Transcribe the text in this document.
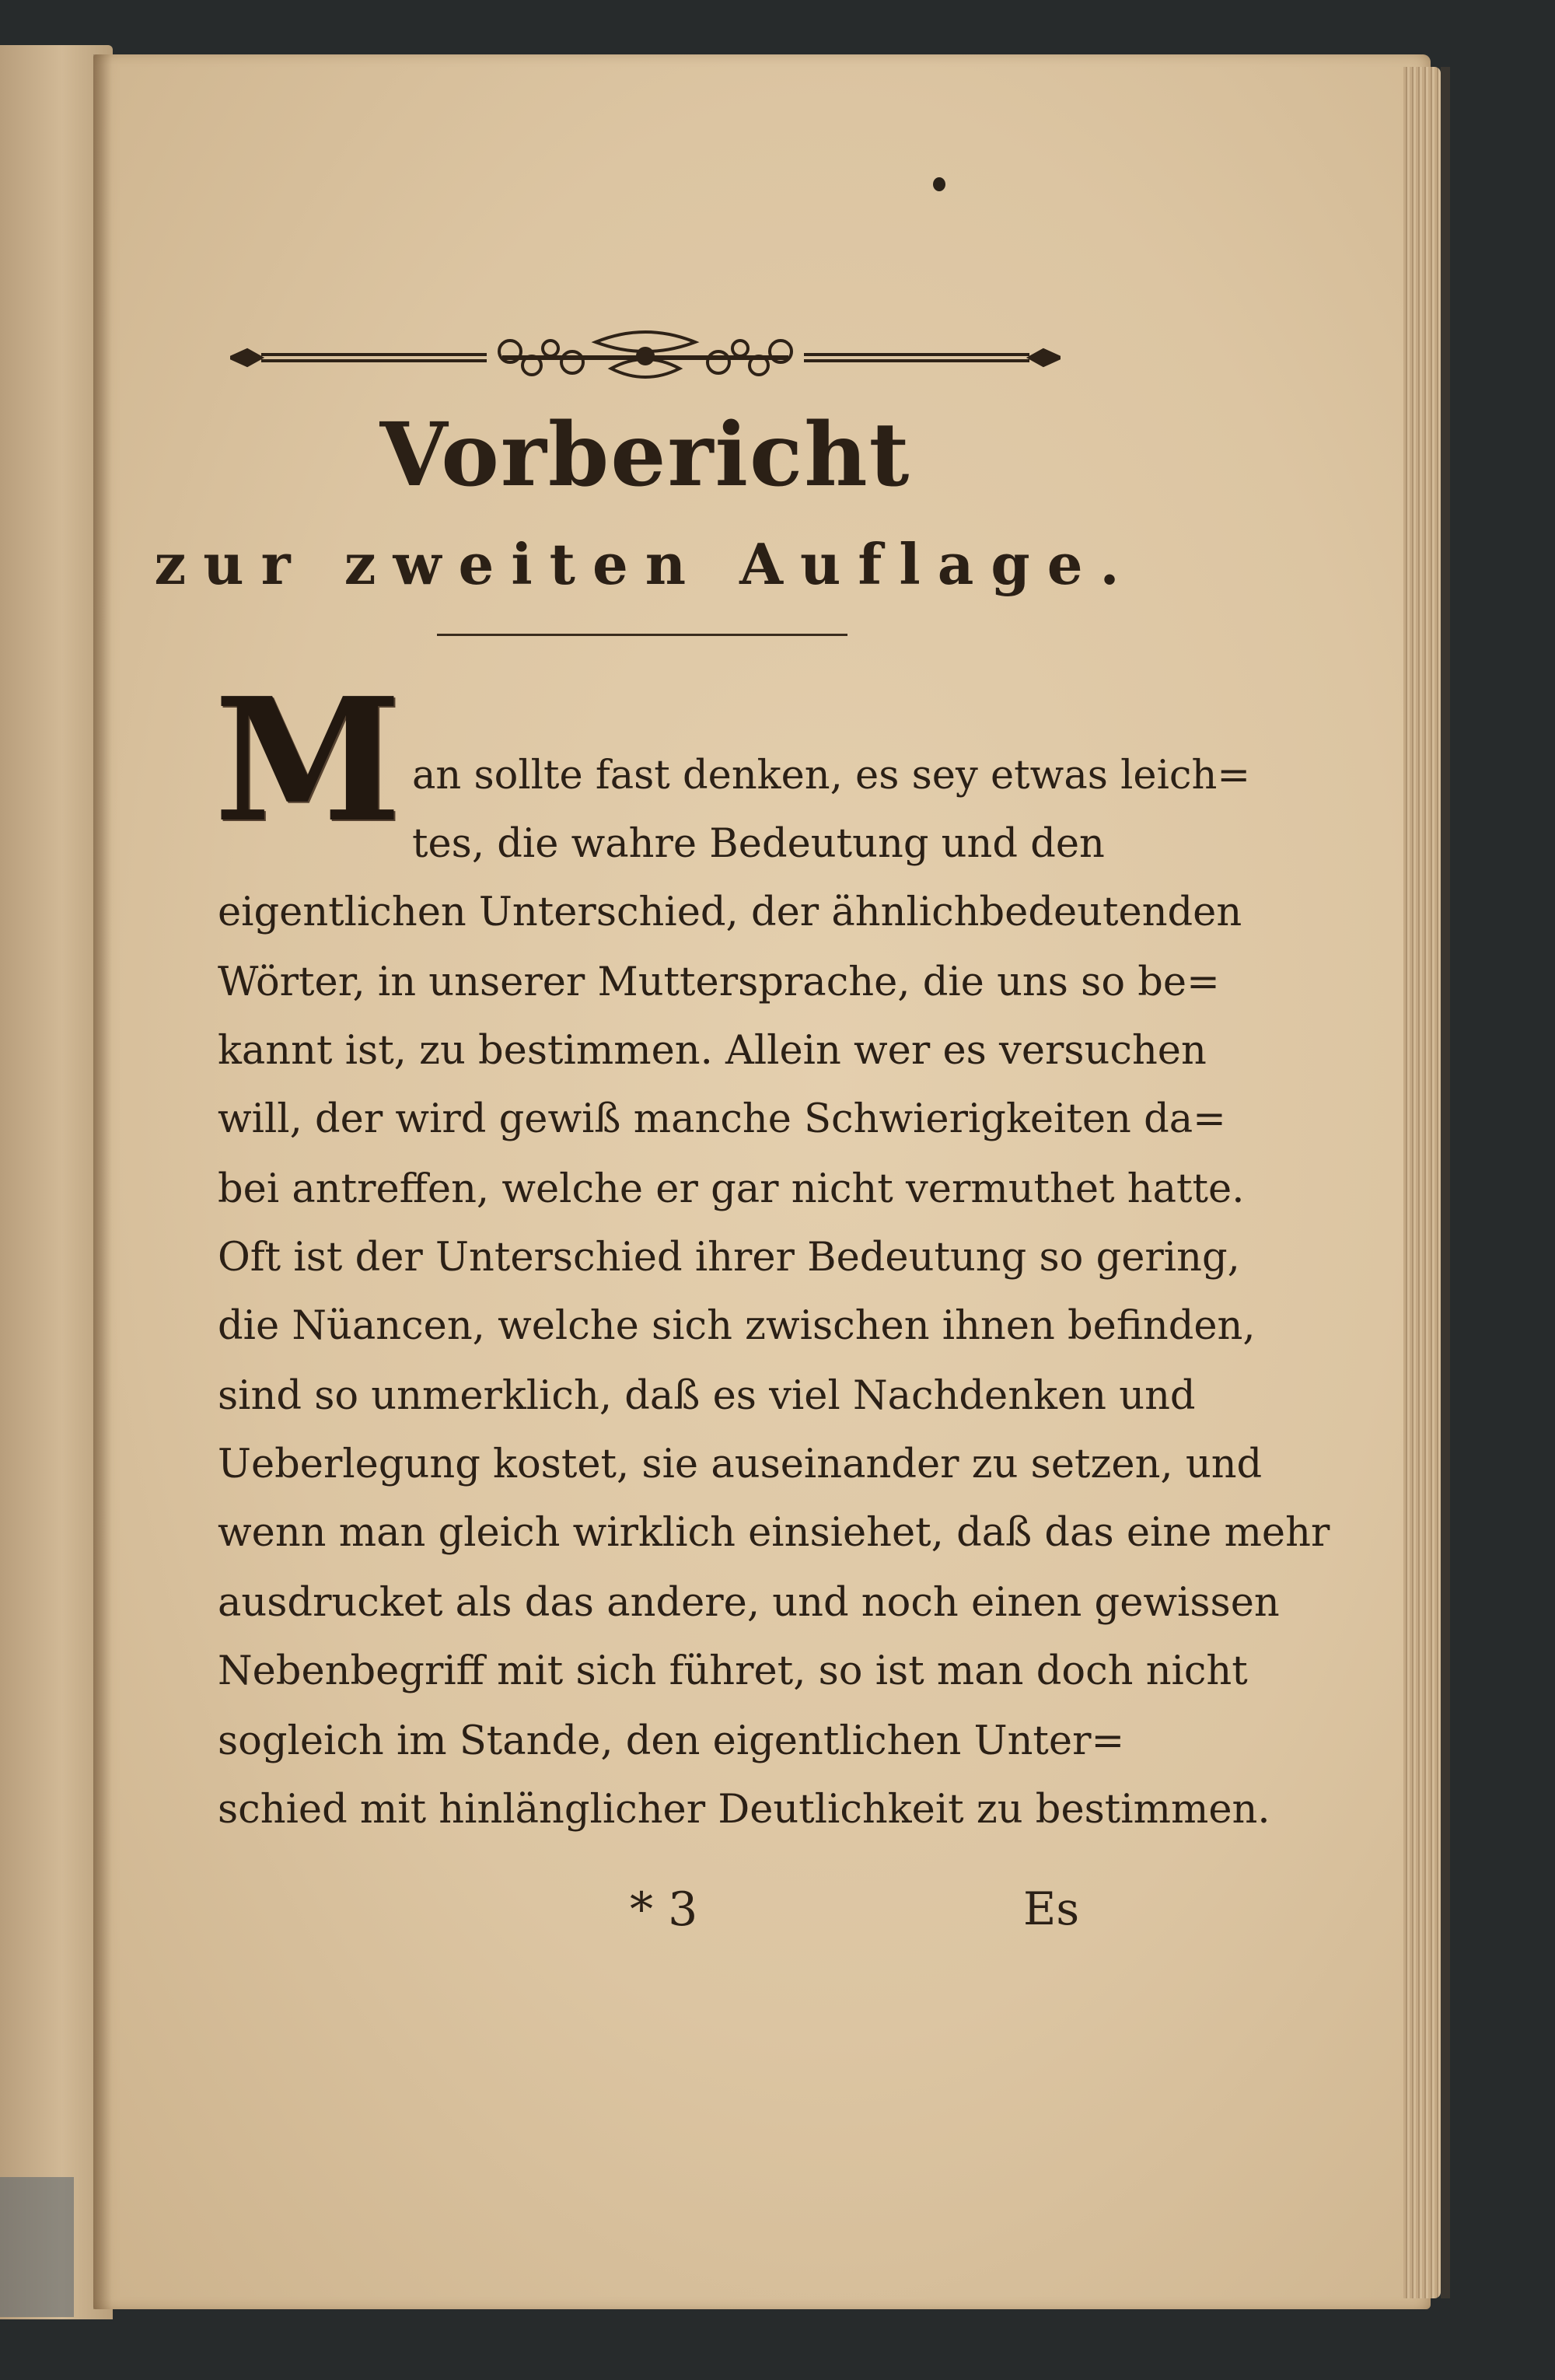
Vorbericht
zur zweiten Auflage.
M an sollte fast denken, es sey etwas leich=
tes, die wahre Bedeutung und den
eigentlichen Unterschied, der ähnlichbedeutenden
Wörter, in unserer Muttersprache, die uns so be=
kannt ist, zu bestimmen. Allein wer es versuchen
will, der wird gewiß manche Schwierigkeiten da=
bei antreffen, welche er gar nicht vermuthet hatte.
Oft ist der Unterschied ihrer Bedeutung so gering,
die Nüancen, welche sich zwischen ihnen befinden,
sind so unmerklich, daß es viel Nachdenken und
Ueberlegung kostet, sie auseinander zu setzen, und
wenn man gleich wirklich einsiehet, daß das eine mehr
ausdrucket als das andere, und noch einen gewissen
Nebenbegriff mit sich führet, so ist man doch nicht
sogleich im Stande, den eigentlichen Unter=
schied mit hinlänglicher Deutlichkeit zu bestimmen.
* 3	Es
